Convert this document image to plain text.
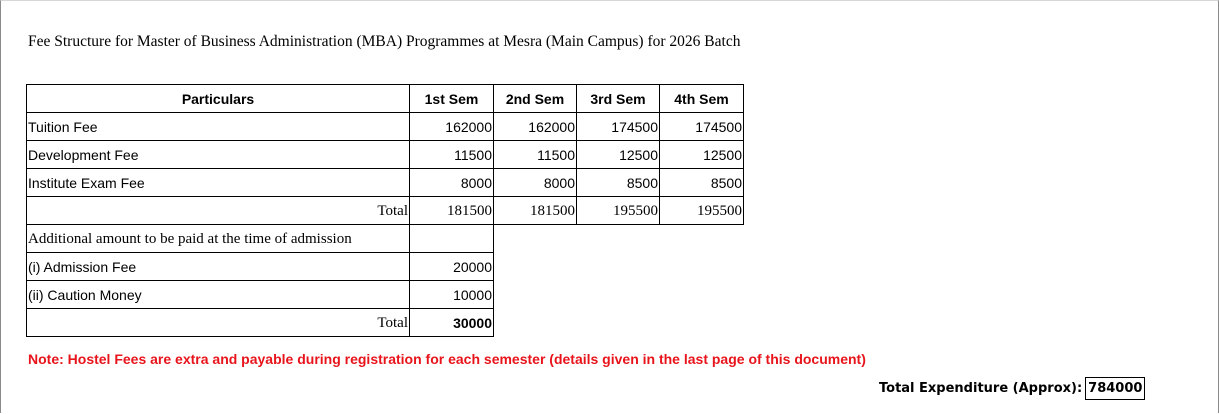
Fee Structure for Master of Business Administration (MBA) Programmes at Mesra (Main Campus) for 2026 Batch
Particulars	1st Sem	2nd Sem	3rd Sem	4th Sem
Tuition Fee	162000	162000	174500	174500
Development Fee	11500	11500	12500	12500
Institute Exam Fee	8000	8000	8500	8500
Total	181500	181500	195500	195500
Additional amount to be paid at the time of admission				
(i) Admission Fee	20000			
(ii) Caution Money	10000			
Total	30000			
Note: Hostel Fees are extra and payable during registration for each semester (details given in the last page of this document)
Total Expenditure (Approx): 784000
